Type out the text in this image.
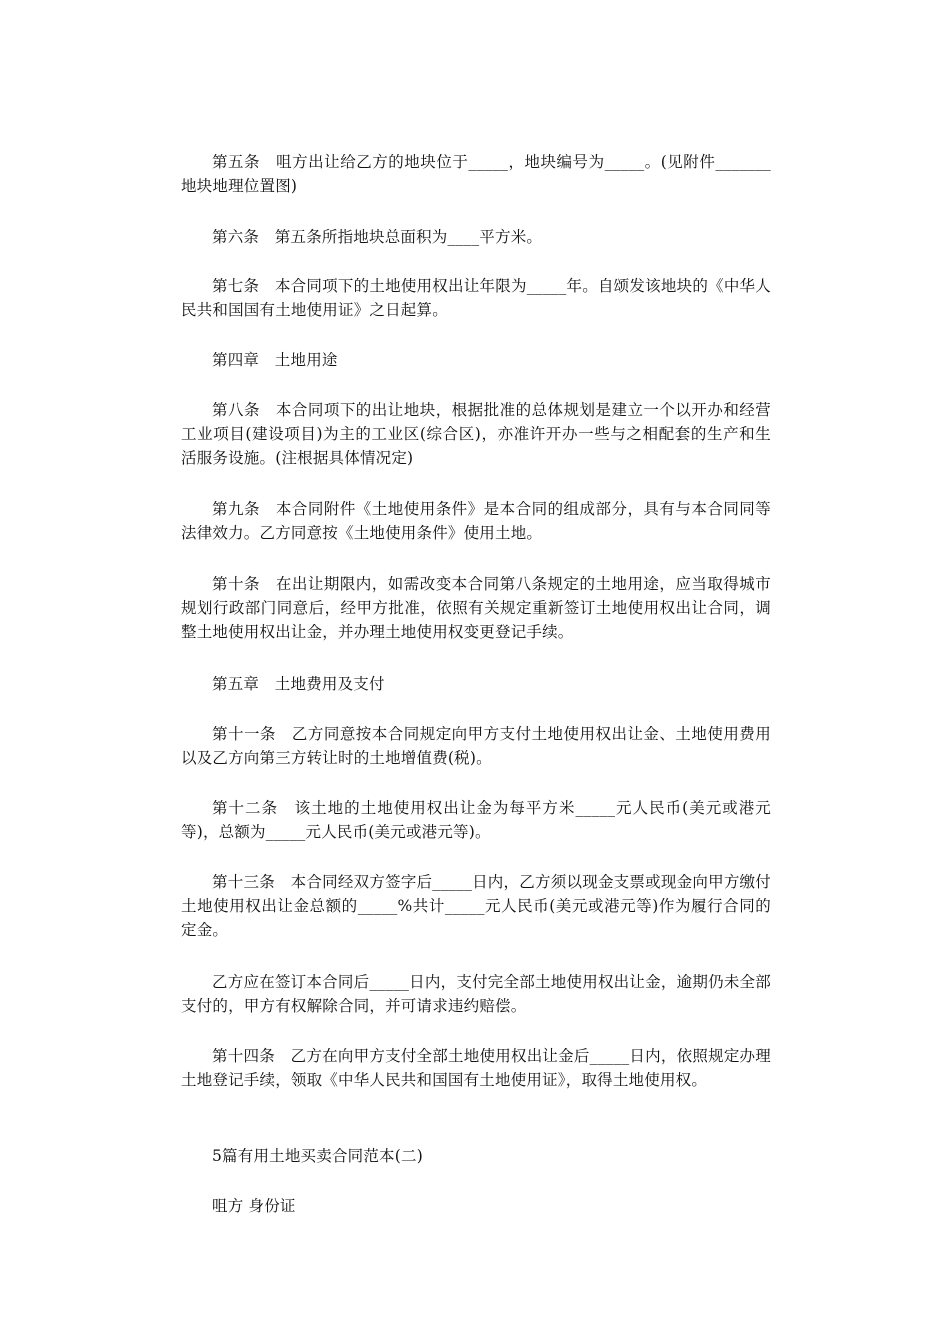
第五条　咀方出让给乙方的地块位于_____，地块编号为_____。(见附件_______地块地理位置图)

第六条　第五条所指地块总面积为____平方米。

第七条　本合同项下的土地使用权出让年限为_____年。自颂发该地块的《中华人民共和国国有土地使用证》之日起算。

第四章　土地用途

第八条　本合同项下的出让地块，根据批准的总体规划是建立一个以开办和经营工业项目(建设项目)为主的工业区(综合区)，亦准许开办一些与之相配套的生产和生活服务设施。(注根据具体情况定)

第九条　本合同附件《土地使用条件》是本合同的组成部分，具有与本合同同等法律效力。乙方同意按《土地使用条件》使用土地。

第十条　在出让期限内，如需改变本合同第八条规定的土地用途，应当取得城市规划行政部门同意后，经甲方批准，依照有关规定重新签订土地使用权出让合同，调整土地使用权出让金，并办理土地使用权变更登记手续。

第五章　土地费用及支付

第十一条　乙方同意按本合同规定向甲方支付土地使用权出让金、土地使用费用以及乙方向第三方转让时的土地增值费(税)。

第十二条　该土地的土地使用权出让金为每平方米_____元人民币(美元或港元等)，总额为_____元人民币(美元或港元等)。

第十三条　本合同经双方签字后_____日内，乙方须以现金支票或现金向甲方缴付土地使用权出让金总额的_____%共计_____元人民币(美元或港元等)作为履行合同的定金。

乙方应在签订本合同后_____日内，支付完全部土地使用权出让金，逾期仍未全部支付的，甲方有权解除合同，并可请求违约赔偿。

第十四条　乙方在向甲方支付全部土地使用权出让金后_____日内，依照规定办理土地登记手续，领取《中华人民共和国国有土地使用证》，取得土地使用权。

5篇有用土地买卖合同范本(二)

咀方 身份证
